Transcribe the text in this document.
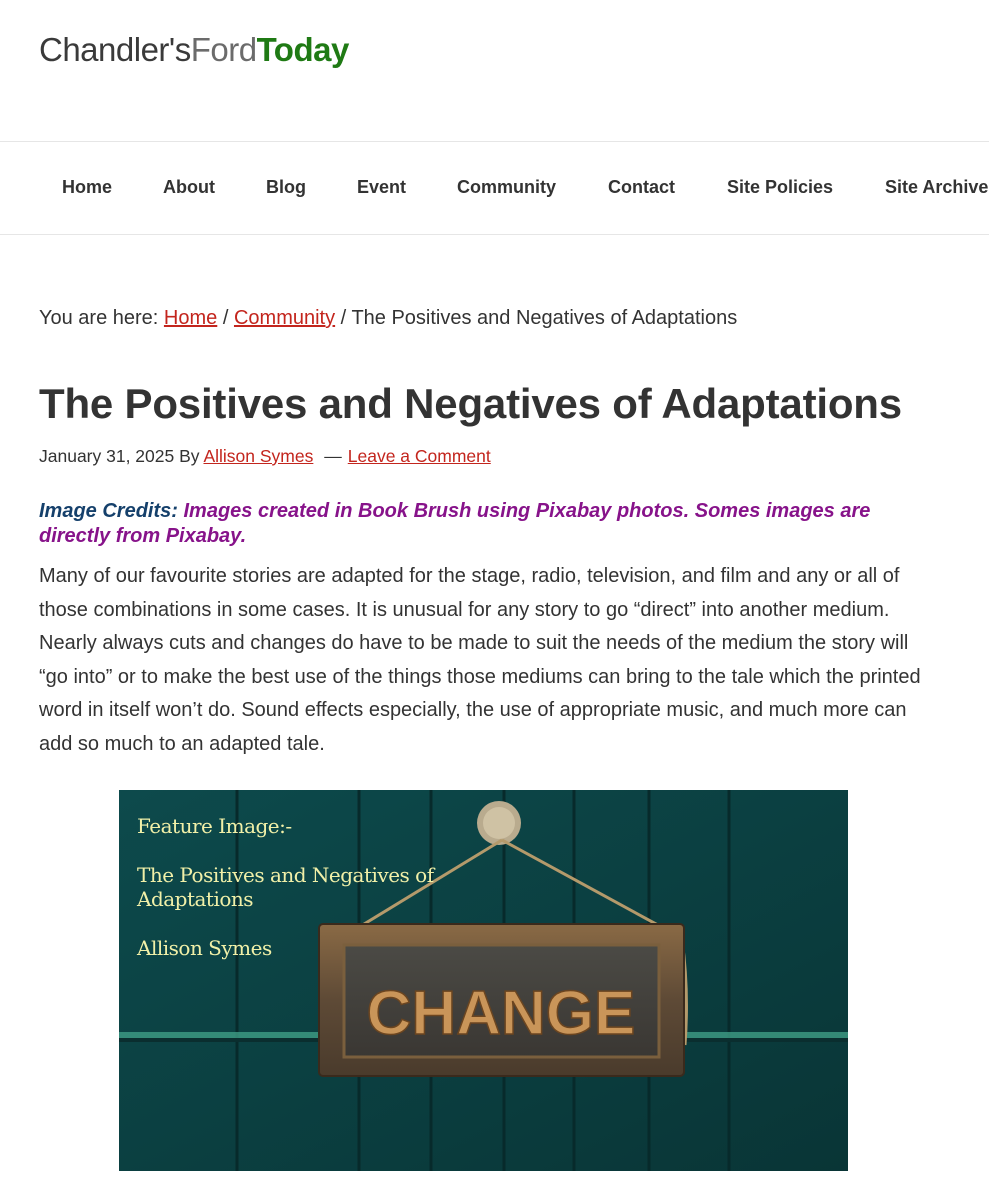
Chandler'sFordToday
Home	About	Blog	Event	Community	Contact	Site Policies	Site Archive
You are here: Home / Community / The Positives and Negatives of Adaptations
The Positives and Negatives of Adaptations
January 31, 2025 By Allison Symes — Leave a Comment
Image Credits: Images created in Book Brush using Pixabay photos. Somes images are directly from Pixabay.

Many of our favourite stories are adapted for the stage, radio, television, and film and any or all of those combinations in some cases. It is unusual for any story to go “direct” into another medium. Nearly always cuts and changes do have to be made to suit the needs of the medium the story will “go into” or to make the best use of the things those mediums can bring to the tale which the printed word in itself won’t do. Sound effects especially, the use of appropriate music, and much more can add so much to an adapted tale.

CHANGE
Feature Image:-
The Positives and Negatives of
Adaptations
Allison Symes
